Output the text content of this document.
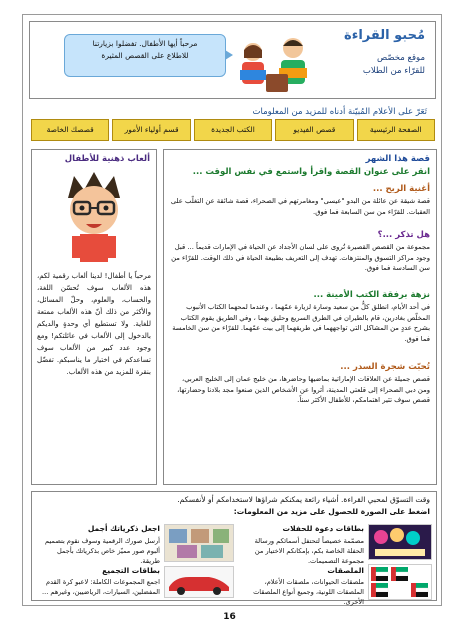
مرحباً أيها الأطفال. تفضلوا بزيارتنا
للاطلاع على القصص المثيرة
مُحبو القراءة
موقع مخصّص
للقرّاء من الطلاب
تَعَرّ على الأعلام المُبيّنة أدناه للمزيد من المعلومات
الصفحة الرئيسية
قصص الفيديو
الكتب الجديدة
قسم أولياء الأمور
قصصك الخاصة
ألعاب ذهنية للأطفال
مرحباً يا أطفال! لدينا ألعاب رقمية لكم، هذه الألعاب سوف تُحسّن اللغة، والحساب، والعلوم، وحلّ المسائل، والأكثر من ذلك أنّ هذه الألعاب ممتعة للغاية. ولا تستطيع أي وحدةٍ والديكم بالدخول إلى الألعاب في عائلتكم! ومع وجود عدد كبير من الألعاب سوف تساعدكم في اختيار ما يناسبكم. تفضّل بنقرة للمزيد من هذه الألعاب.
قصة هذا الشهر
انقر على عنوان القصة واقرأ واستمع في نفس الوقت ...
أغنية الريح ...
قصة شيقة عن عائلة من البدو "عيسى" ومغامرتهم في الصحراء، قصة شائقة عن التغلّب على العقبات. للقرّاء من سن السابعة فما فوق.
هل تذكر ...؟
مجموعة من القصص القصيرة تُروى على لسان الأجداد عن الحياة في الإمارات قديماً ... قبل وجود مراكز التسوق والمنتزهات. تهدف إلى التعريف بطبيعة الحياة في ذلك الوقت. للقرّاء من سن السادسة فما فوق.
نزهة برفقة الكتب الأمينة ...
في أحد الأيام، انطلق كلٌّ من سعيد وسارة لزيارة عمّهما ، وعندما لمحهما الكتاب الأنبوب المخلّص بغادرين، قام بالطيران في الطرق السريع وحليق بهما ، وفي الطريق يقوم الكتاب بشرح عددٍ من المشاكل التي تواجههما في طريقهما إلى بيت عمّهما. للقرّاء من سن الخامسة فما فوق.
تُحبّت شجرة السدر ...
قصص جميلة عن العلاقات الإماراتية بماضيها وحاضرها، من خليج عمان إلى الخليج العربي، ومن دبي الصحراء إلى قلعتي المدينة، أثروا عن الأشخاص الذين صنعوا مجد بلادنا وحضارتها، قصص سوف تثير اهتمامكم، للأطفال الأكثر سناً.
وقت التسوّق لمحبي القراءة. أشياء رائعة يمكنكم شراؤها لاستخدامكم أو لأنفسكم.
اضغط على الصورة للحصول على مزيد من المعلومات:
اجعل ذكرياتك أجمل
أرسل صورك الرقمية وسوف نقوم بتصميم ألبوم صور مميّز خاص بذكرياتك بأجمل طريقة.
بطاقات دعوة للحفلات
مصمّمة خصيصاً لتحتفل أسمائكم ورسالة الحفلة الخاصة بكم، بإمكانكم الاختيار من مجموعة التصميمات.
بطاقات التجميع
اجمع المجموعات الكاملة: لاعبو كرة القدم المفضلين، السيارات، الرياضيين، وغيرهم ...
الملصقات
ملصقات الحيوانات، ملصقات الأعلام، الملصقات اللونية، وجميع أنواع الملصقات الأخرى.
16
